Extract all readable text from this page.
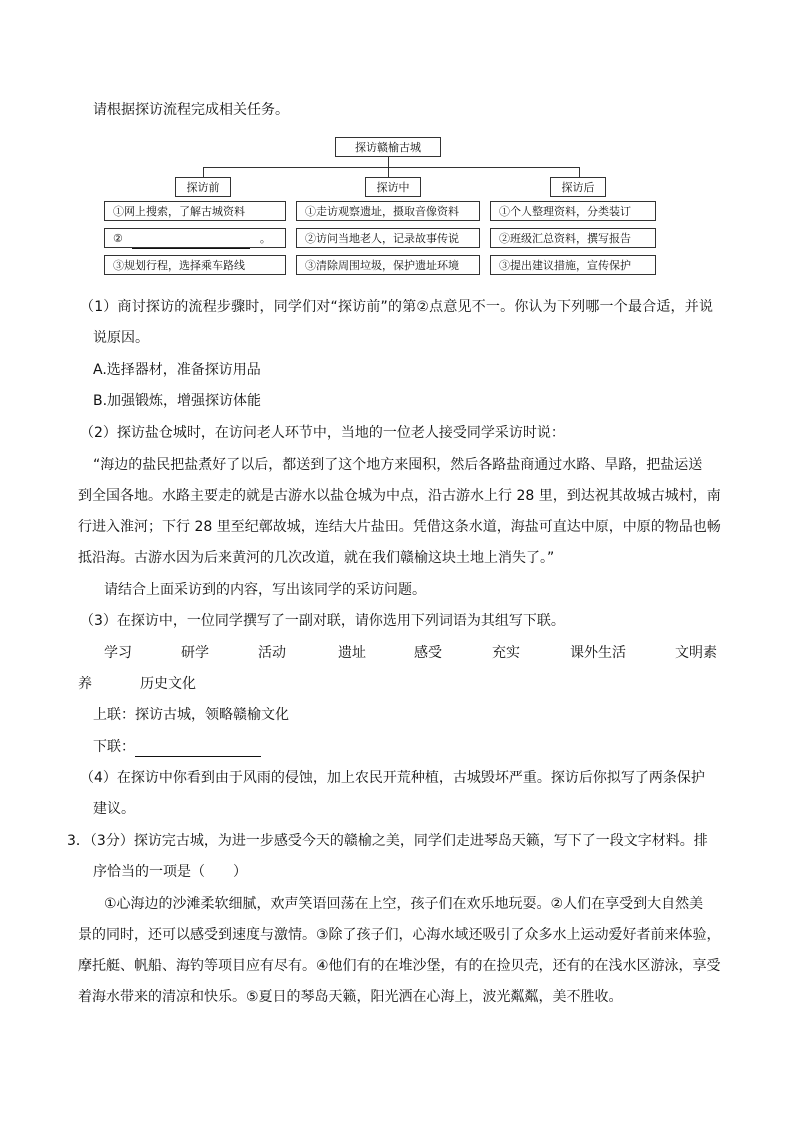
请根据探访流程完成相关任务。
探访赣榆古城
探访前	探访中	探访后
①网上搜索，了解古城资料
②	。
③规划行程，选择乘车路线
①走访观察遗址，摄取音像资料
②访问当地老人，记录故事传说
③清除周围垃圾，保护遗址环境
①个人整理资料，分类装订
②班级汇总资料，撰写报告
③提出建议措施，宣传保护
（1）商讨探访的流程步骤时，同学们对“探访前”的第②点意见不一。你认为下列哪一个最合适，并说
说原因。
A.选择器材，准备探访用品
B.加强锻炼，增强探访体能
（2）探访盐仓城时，在访问老人环节中，当地的一位老人接受同学采访时说：
“海边的盐民把盐煮好了以后，都送到了这个地方来囤积，然后各路盐商通过水路、旱路，把盐运送
到全国各地。水路主要走的就是古游水以盐仓城为中点，沿古游水上行 28 里，到达祝其故城古城村，南
行进入淮河；下行 28 里至纪鄣故城，连结大片盐田。凭借这条水道，海盐可直达中原，中原的物品也畅
抵沿海。古游水因为后来黄河的几次改道，就在我们赣榆这块土地上消失了。”
请结合上面采访到的内容，写出该同学的采访问题。
（3）在探访中，一位同学撰写了一副对联，请你选用下列词语为其组写下联。
学习	研学	活动	遗址	感受	充实	课外生活	文明素
养	历史文化
上联：探访古城，领略赣榆文化
下联：
（4）在探访中你看到由于风雨的侵蚀，加上农民开荒种植，古城毁坏严重。探访后你拟写了两条保护
建议。
3．（3分）探访完古城，为进一步感受今天的赣榆之美，同学们走进琴岛天籁，写下了一段文字材料。排
序恰当的一项是（　　）
①心海边的沙滩柔软细腻，欢声笑语回荡在上空，孩子们在欢乐地玩耍。②人们在享受到大自然美
景的同时，还可以感受到速度与激情。③除了孩子们，心海水域还吸引了众多水上运动爱好者前来体验，
摩托艇、帆船、海钓等项目应有尽有。④他们有的在堆沙堡，有的在捡贝壳，还有的在浅水区游泳，享受
着海水带来的清凉和快乐。⑤夏日的琴岛天籁，阳光洒在心海上，波光粼粼，美不胜收。
